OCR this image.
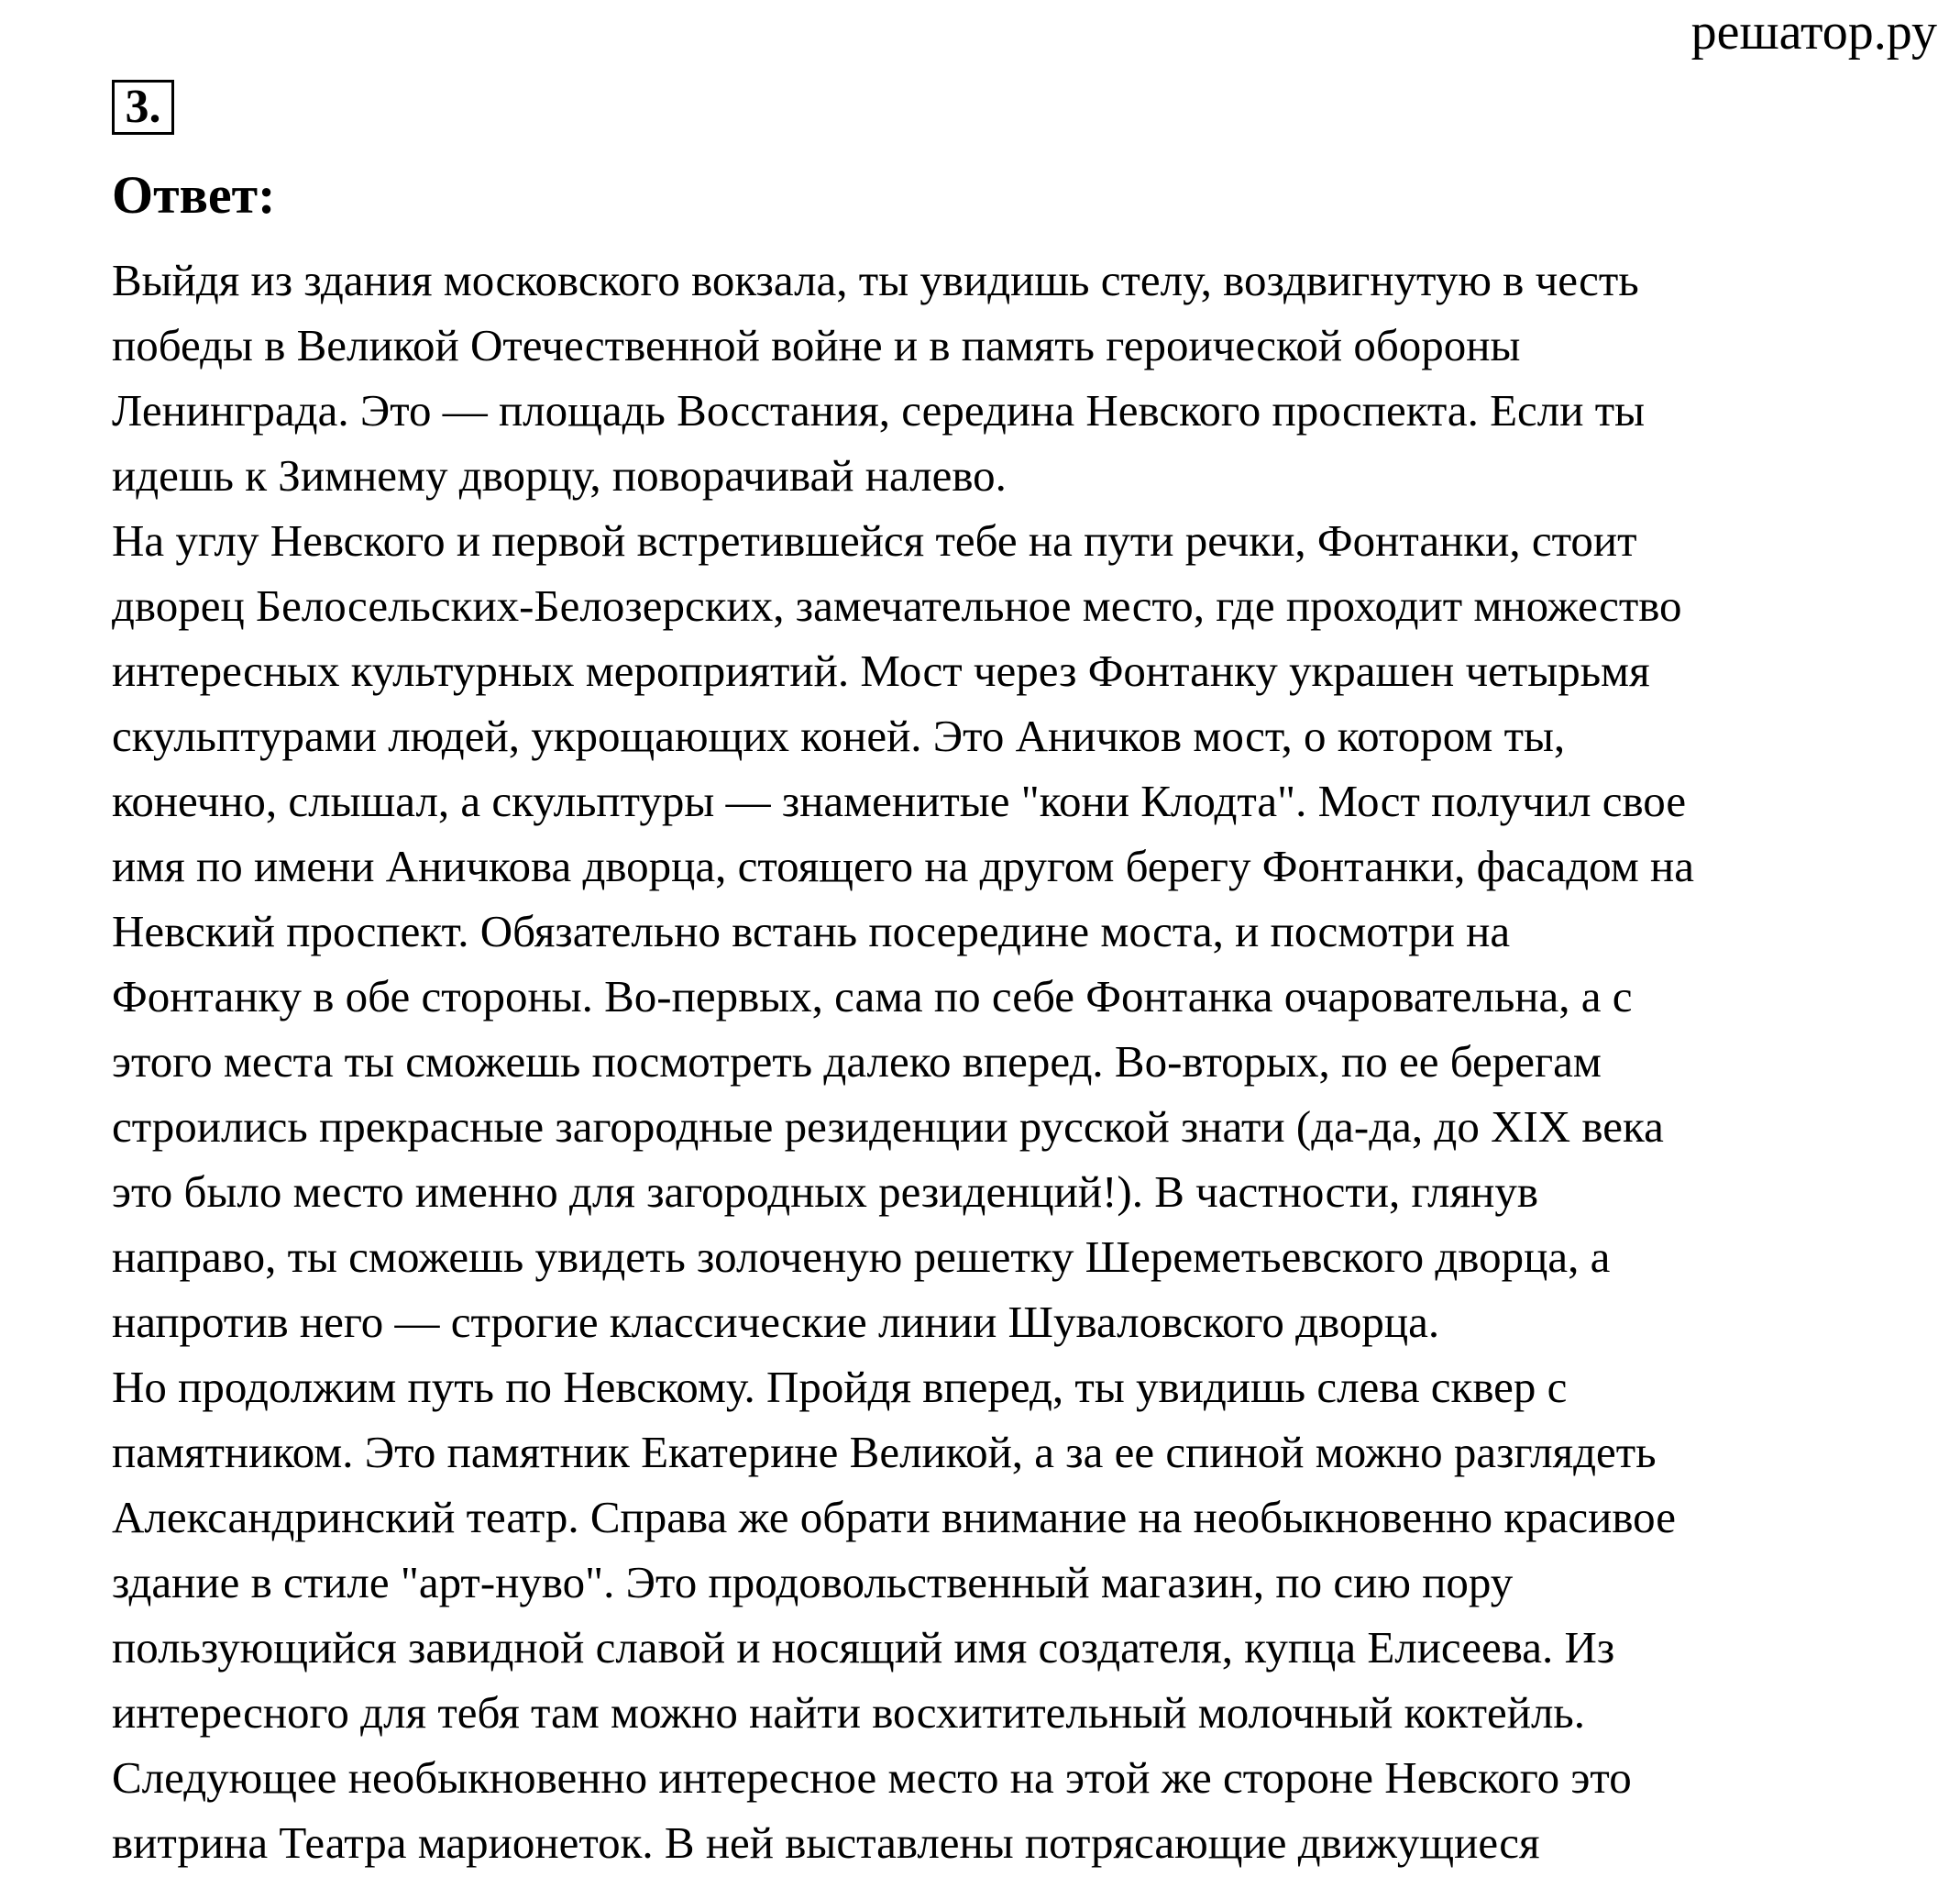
решатор.ру
3.
Ответ:
Выйдя из здания московского вокзала, ты увидишь стелу, воздвигнутую в честь
победы в Великой Отечественной войне и в память героической обороны
Ленинграда. Это — площадь Восстания, середина Невского проспекта. Если ты
идешь к Зимнему дворцу, поворачивай налево.
На углу Невского и первой встретившейся тебе на пути речки, Фонтанки, стоит
дворец Белосельских-Белозерских, замечательное место, где проходит множество
интересных культурных мероприятий. Мост через Фонтанку украшен четырьмя
скульптурами людей, укрощающих коней. Это Аничков мост, о котором ты,
конечно, слышал, а скульптуры — знаменитые "кони Клодта". Мост получил свое
имя по имени Аничкова дворца, стоящего на другом берегу Фонтанки, фасадом на
Невский проспект. Обязательно встань посередине моста, и посмотри на
Фонтанку в обе стороны. Во-первых, сама по себе Фонтанка очаровательна, а с
этого места ты сможешь посмотреть далеко вперед. Во-вторых, по ее берегам
строились прекрасные загородные резиденции русской знати (да-да, до XIX века
это было место именно для загородных резиденций!). В частности, глянув
направо, ты сможешь увидеть золоченую решетку Шереметьевского дворца, а
напротив него — строгие классические линии Шуваловского дворца.
Но продолжим путь по Невскому. Пройдя вперед, ты увидишь слева сквер с
памятником. Это памятник Екатерине Великой, а за ее спиной можно разглядеть
Александринский театр. Справа же обрати внимание на необыкновенно красивое
здание в стиле "арт-нуво". Это продовольственный магазин, по сию пору
пользующийся завидной славой и носящий имя создателя, купца Елисеева. Из
интересного для тебя там можно найти восхитительный молочный коктейль.
Следующее необыкновенно интересное место на этой же стороне Невского это
витрина Театра марионеток. В ней выставлены потрясающие движущиеся
